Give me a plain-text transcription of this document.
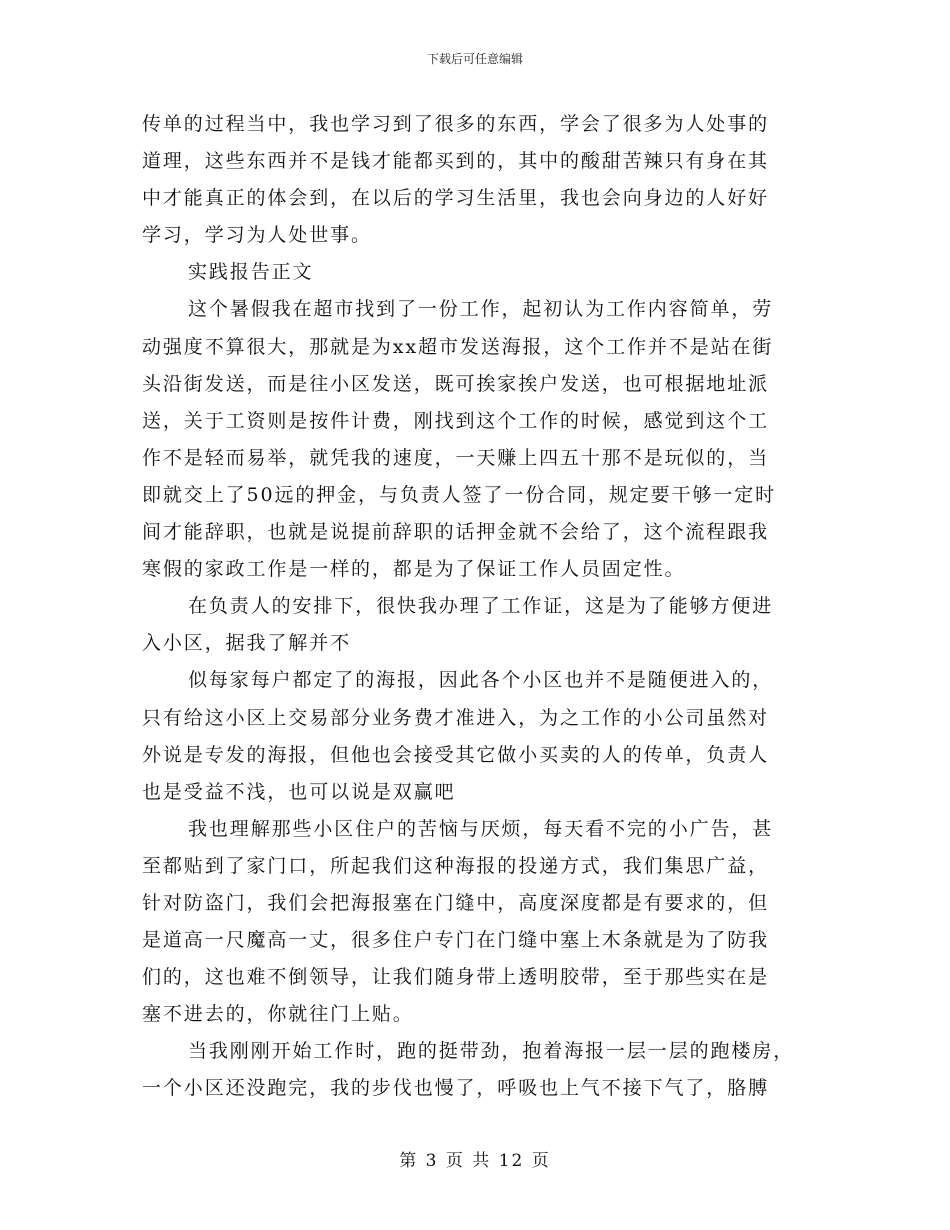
下载后可任意编辑
传单的过程当中，我也学习到了很多的东西，学会了很多为人处事的
道理，这些东西并不是钱才能都买到的，其中的酸甜苦辣只有身在其
中才能真正的体会到，在以后的学习生活里，我也会向身边的人好好
学习，学习为人处世事。
实践报告正文
这个暑假我在超市找到了一份工作，起初认为工作内容简单，劳
动强度不算很大，那就是为xx超市发送海报，这个工作并不是站在街
头沿街发送，而是往小区发送，既可挨家挨户发送，也可根据地址派
送，关于工资则是按件计费，刚找到这个工作的时候，感觉到这个工
作不是轻而易举，就凭我的速度，一天赚上四五十那不是玩似的，当
即就交上了50远的押金，与负责人签了一份合同，规定要干够一定时
间才能辞职，也就是说提前辞职的话押金就不会给了，这个流程跟我
寒假的家政工作是一样的，都是为了保证工作人员固定性。
在负责人的安排下，很快我办理了工作证，这是为了能够方便进
入小区，据我了解并不
似每家每户都定了的海报，因此各个小区也并不是随便进入的，
只有给这小区上交易部分业务费才准进入，为之工作的小公司虽然对
外说是专发的海报，但他也会接受其它做小买卖的人的传单，负责人
也是受益不浅，也可以说是双赢吧
我也理解那些小区住户的苦恼与厌烦，每天看不完的小广告，甚
至都贴到了家门口，所起我们这种海报的投递方式，我们集思广益，
针对防盗门，我们会把海报塞在门缝中，高度深度都是有要求的，但
是道高一尺魔高一丈，很多住户专门在门缝中塞上木条就是为了防我
们的，这也难不倒领导，让我们随身带上透明胶带，至于那些实在是
塞不进去的，你就往门上贴。
当我刚刚开始工作时，跑的挺带劲，抱着海报一层一层的跑楼房，
一个小区还没跑完，我的步伐也慢了，呼吸也上气不接下气了，胳膊
第 3 页 共 12 页
